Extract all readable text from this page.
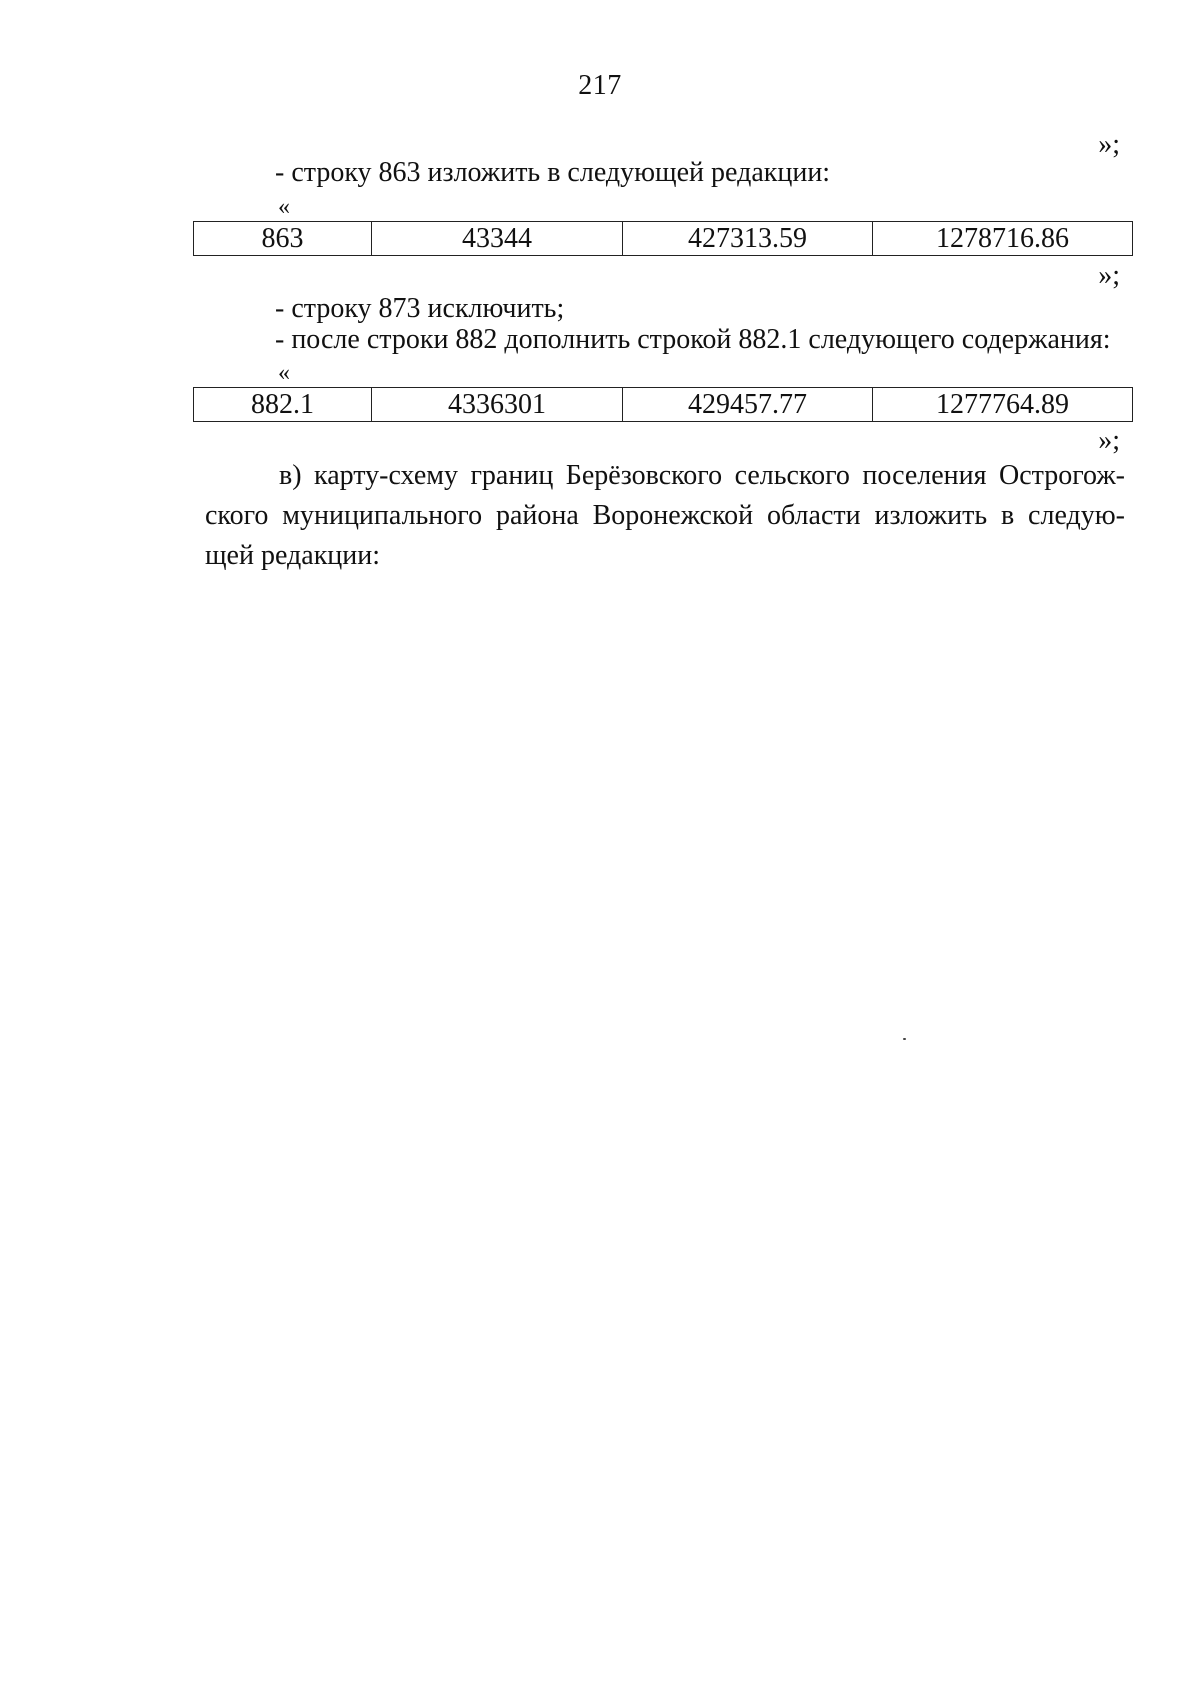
217
»;
- строку 863 изложить в следующей редакции:
«
863	43344	427313.59	1278716.86
»;
- строку 873 исключить;
- после строки 882 дополнить строкой 882.1 следующего содержания:
«
882.1	4336301	429457.77	1277764.89
»;
в) карту-схему границ Берёзовского сельского поселения Острогож-
ского муниципального района Воронежской области изложить в следую-
щей редакции:
